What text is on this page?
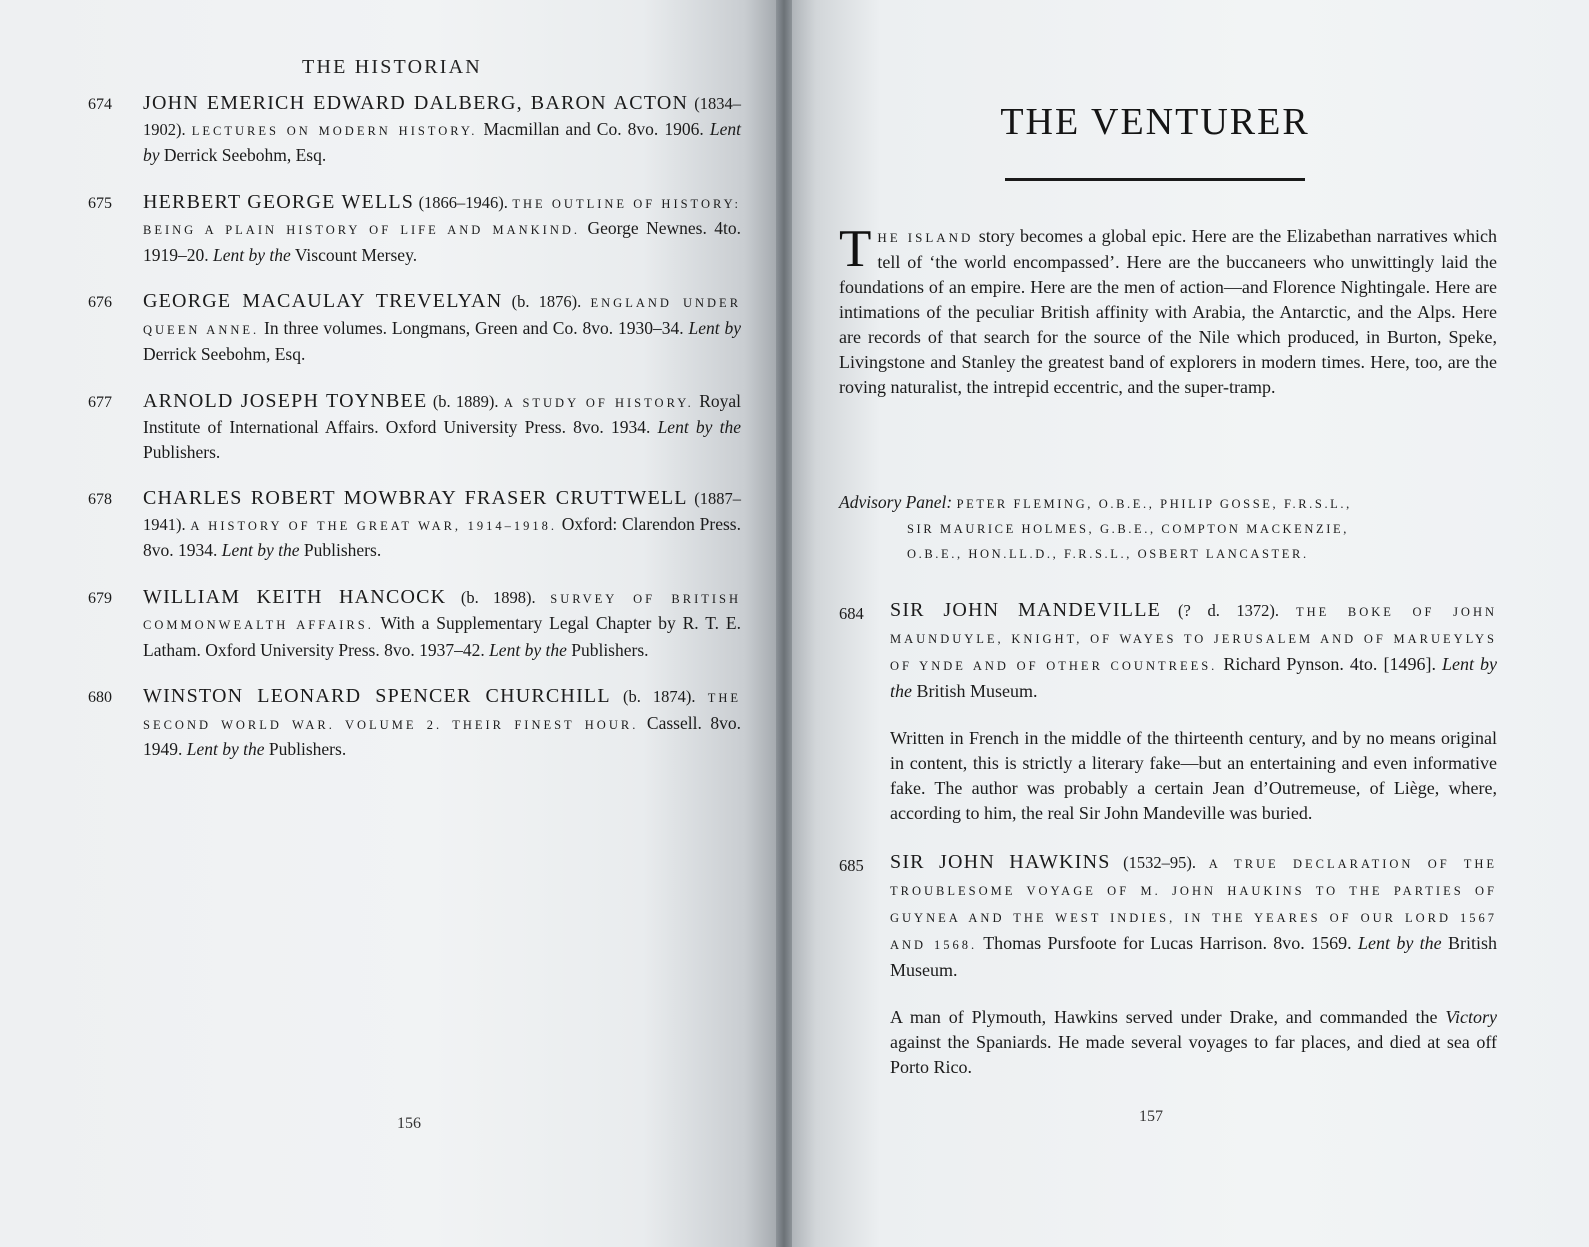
THE HISTORIAN
674 JOHN EMERICH EDWARD DALBERG, BARON ACTON (1834–1902). LECTURES ON MODERN HISTORY. Macmillan and Co. 8vo. 1906. Lent by Derrick Seebohm, Esq.
675 HERBERT GEORGE WELLS (1866–1946). THE OUTLINE OF HISTORY: BEING A PLAIN HISTORY OF LIFE AND MANKIND. George Newnes. 4to. 1919–20. Lent by the Viscount Mersey.
676 GEORGE MACAULAY TREVELYAN (b. 1876). ENGLAND UNDER QUEEN ANNE. In three volumes. Longmans, Green and Co. 8vo. 1930–34. Lent by Derrick Seebohm, Esq.
677 ARNOLD JOSEPH TOYNBEE (b. 1889). A STUDY OF HISTORY. Royal Institute of International Affairs. Oxford University Press. 8vo. 1934. Lent by the Publishers.
678 CHARLES ROBERT MOWBRAY FRASER CRUTTWELL (1887–1941). A HISTORY OF THE GREAT WAR, 1914–1918. Oxford: Clarendon Press. 8vo. 1934. Lent by the Publishers.
679 WILLIAM KEITH HANCOCK (b. 1898). SURVEY OF BRITISH COMMONWEALTH AFFAIRS. With a Supplementary Legal Chapter by R. T. E. Latham. Oxford University Press. 8vo. 1937–42. Lent by the Publishers.
680 WINSTON LEONARD SPENCER CHURCHILL (b. 1874). THE SECOND WORLD WAR. VOLUME 2. THEIR FINEST HOUR. Cassell. 8vo. 1949. Lent by the Publishers.
156
THE VENTURER
T HE ISLAND story becomes a global epic. Here are the Elizabethan narratives which tell of ‘the world encompassed’. Here are the buccaneers who unwittingly laid the foundations of an empire. Here are the men of action—and Florence Nightingale. Here are intimations of the peculiar British affinity with Arabia, the Antarctic, and the Alps. Here are records of that search for the source of the Nile which produced, in Burton, Speke, Livingstone and Stanley the greatest band of explorers in modern times. Here, too, are the roving naturalist, the intrepid eccentric, and the super-tramp.
Advisory Panel: PETER FLEMING, O.B.E., PHILIP GOSSE, F.R.S.L.,
SIR MAURICE HOLMES, G.B.E., COMPTON MACKENZIE,
O.B.E., HON.LL.D., F.R.S.L., OSBERT LANCASTER.
684 SIR JOHN MANDEVILLE (? d. 1372). THE BOKE OF JOHN MAUNDUYLE, KNIGHT, OF WAYES TO JERUSALEM AND OF MARUEYLYS OF YNDE AND OF OTHER COUNTREES. Richard Pynson. 4to. [1496]. Lent by the British Museum.
Written in French in the middle of the thirteenth century, and by no means original in content, this is strictly a literary fake—but an entertaining and even informative fake. The author was probably a certain Jean d’Outremeuse, of Liège, where, according to him, the real Sir John Mandeville was buried.
685 SIR JOHN HAWKINS (1532–95). A TRUE DECLARATION OF THE TROUBLESOME VOYAGE OF M. JOHN HAUKINS TO THE PARTIES OF GUYNEA AND THE WEST INDIES, IN THE YEARES OF OUR LORD 1567 AND 1568. Thomas Pursfoote for Lucas Harrison. 8vo. 1569. Lent by the British Museum.
A man of Plymouth, Hawkins served under Drake, and commanded the Victory against the Spaniards. He made several voyages to far places, and died at sea off Porto Rico.
157
